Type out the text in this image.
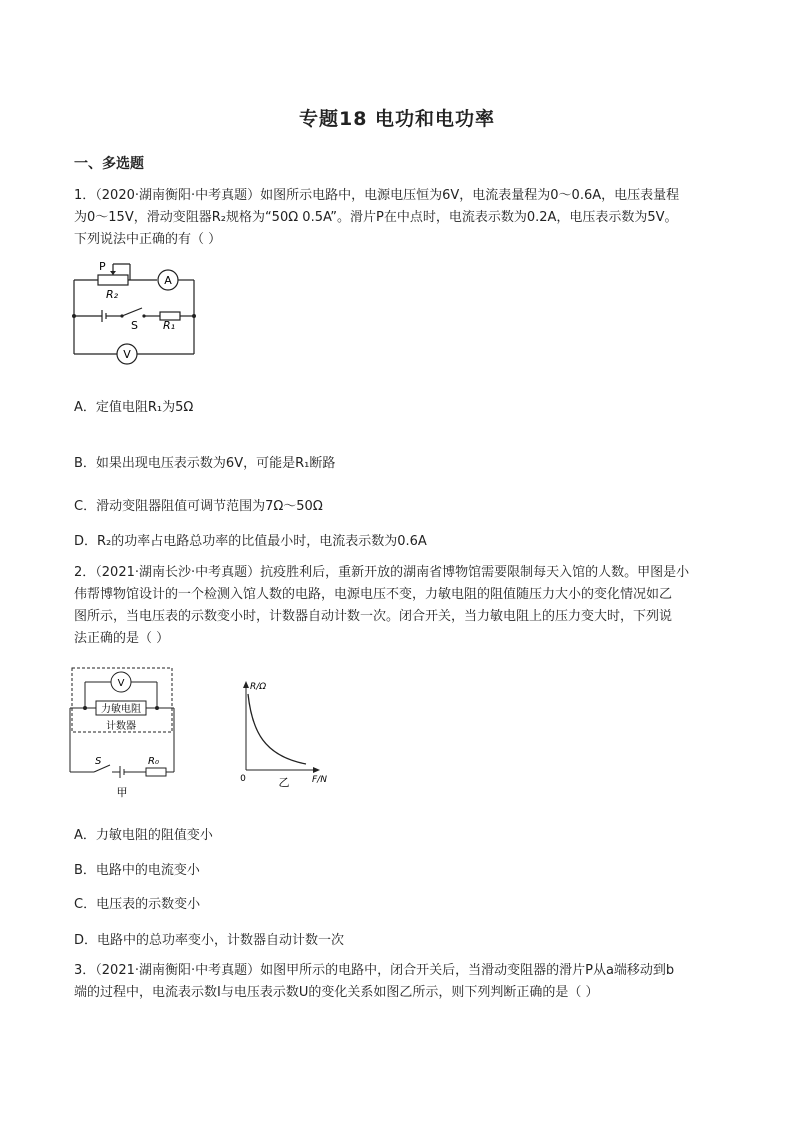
专题18 电功和电功率
一、多选题
1．（2020·湖南衡阳·中考真题）如图所示电路中，电源电压恒为6V，电流表量程为0～0.6A，电压表量程
为0～15V，滑动变阻器R₂规格为“50Ω 0.5A”。滑片P在中点时，电流表示数为0.2A，电压表示数为5V。
下列说法中正确的有（ ）
P
R₂
A
S R₁
V
A．定值电阻R₁为5Ω
B．如果出现电压表示数为6V，可能是R₁断路
C．滑动变阻器阻值可调节范围为7Ω～50Ω
D．R₂的功率占电路总功率的比值最小时，电流表示数为0.6A
2．（2021·湖南长沙·中考真题）抗疫胜利后，重新开放的湖南省博物馆需要限制每天入馆的人数。甲图是小
伟帮博物馆设计的一个检测入馆人数的电路，电源电压不变，力敏电阻的阻值随压力大小的变化情况如乙
图所示，当电压表的示数变小时，计数器自动计数一次。闭合开关，当力敏电阻上的压力变大时，下列说
法正确的是（ ）
V
力敏电阻
计数器
S	R₀
甲
R/Ω
F/N
0	乙
A．力敏电阻的阻值变小
B．电路中的电流变小
C．电压表的示数变小
D．电路中的总功率变小，计数器自动计数一次
3．（2021·湖南衡阳·中考真题）如图甲所示的电路中，闭合开关后，当滑动变阻器的滑片P从a端移动到b
端的过程中，电流表示数I与电压表示数U的变化关系如图乙所示，则下列判断正确的是（ ）
